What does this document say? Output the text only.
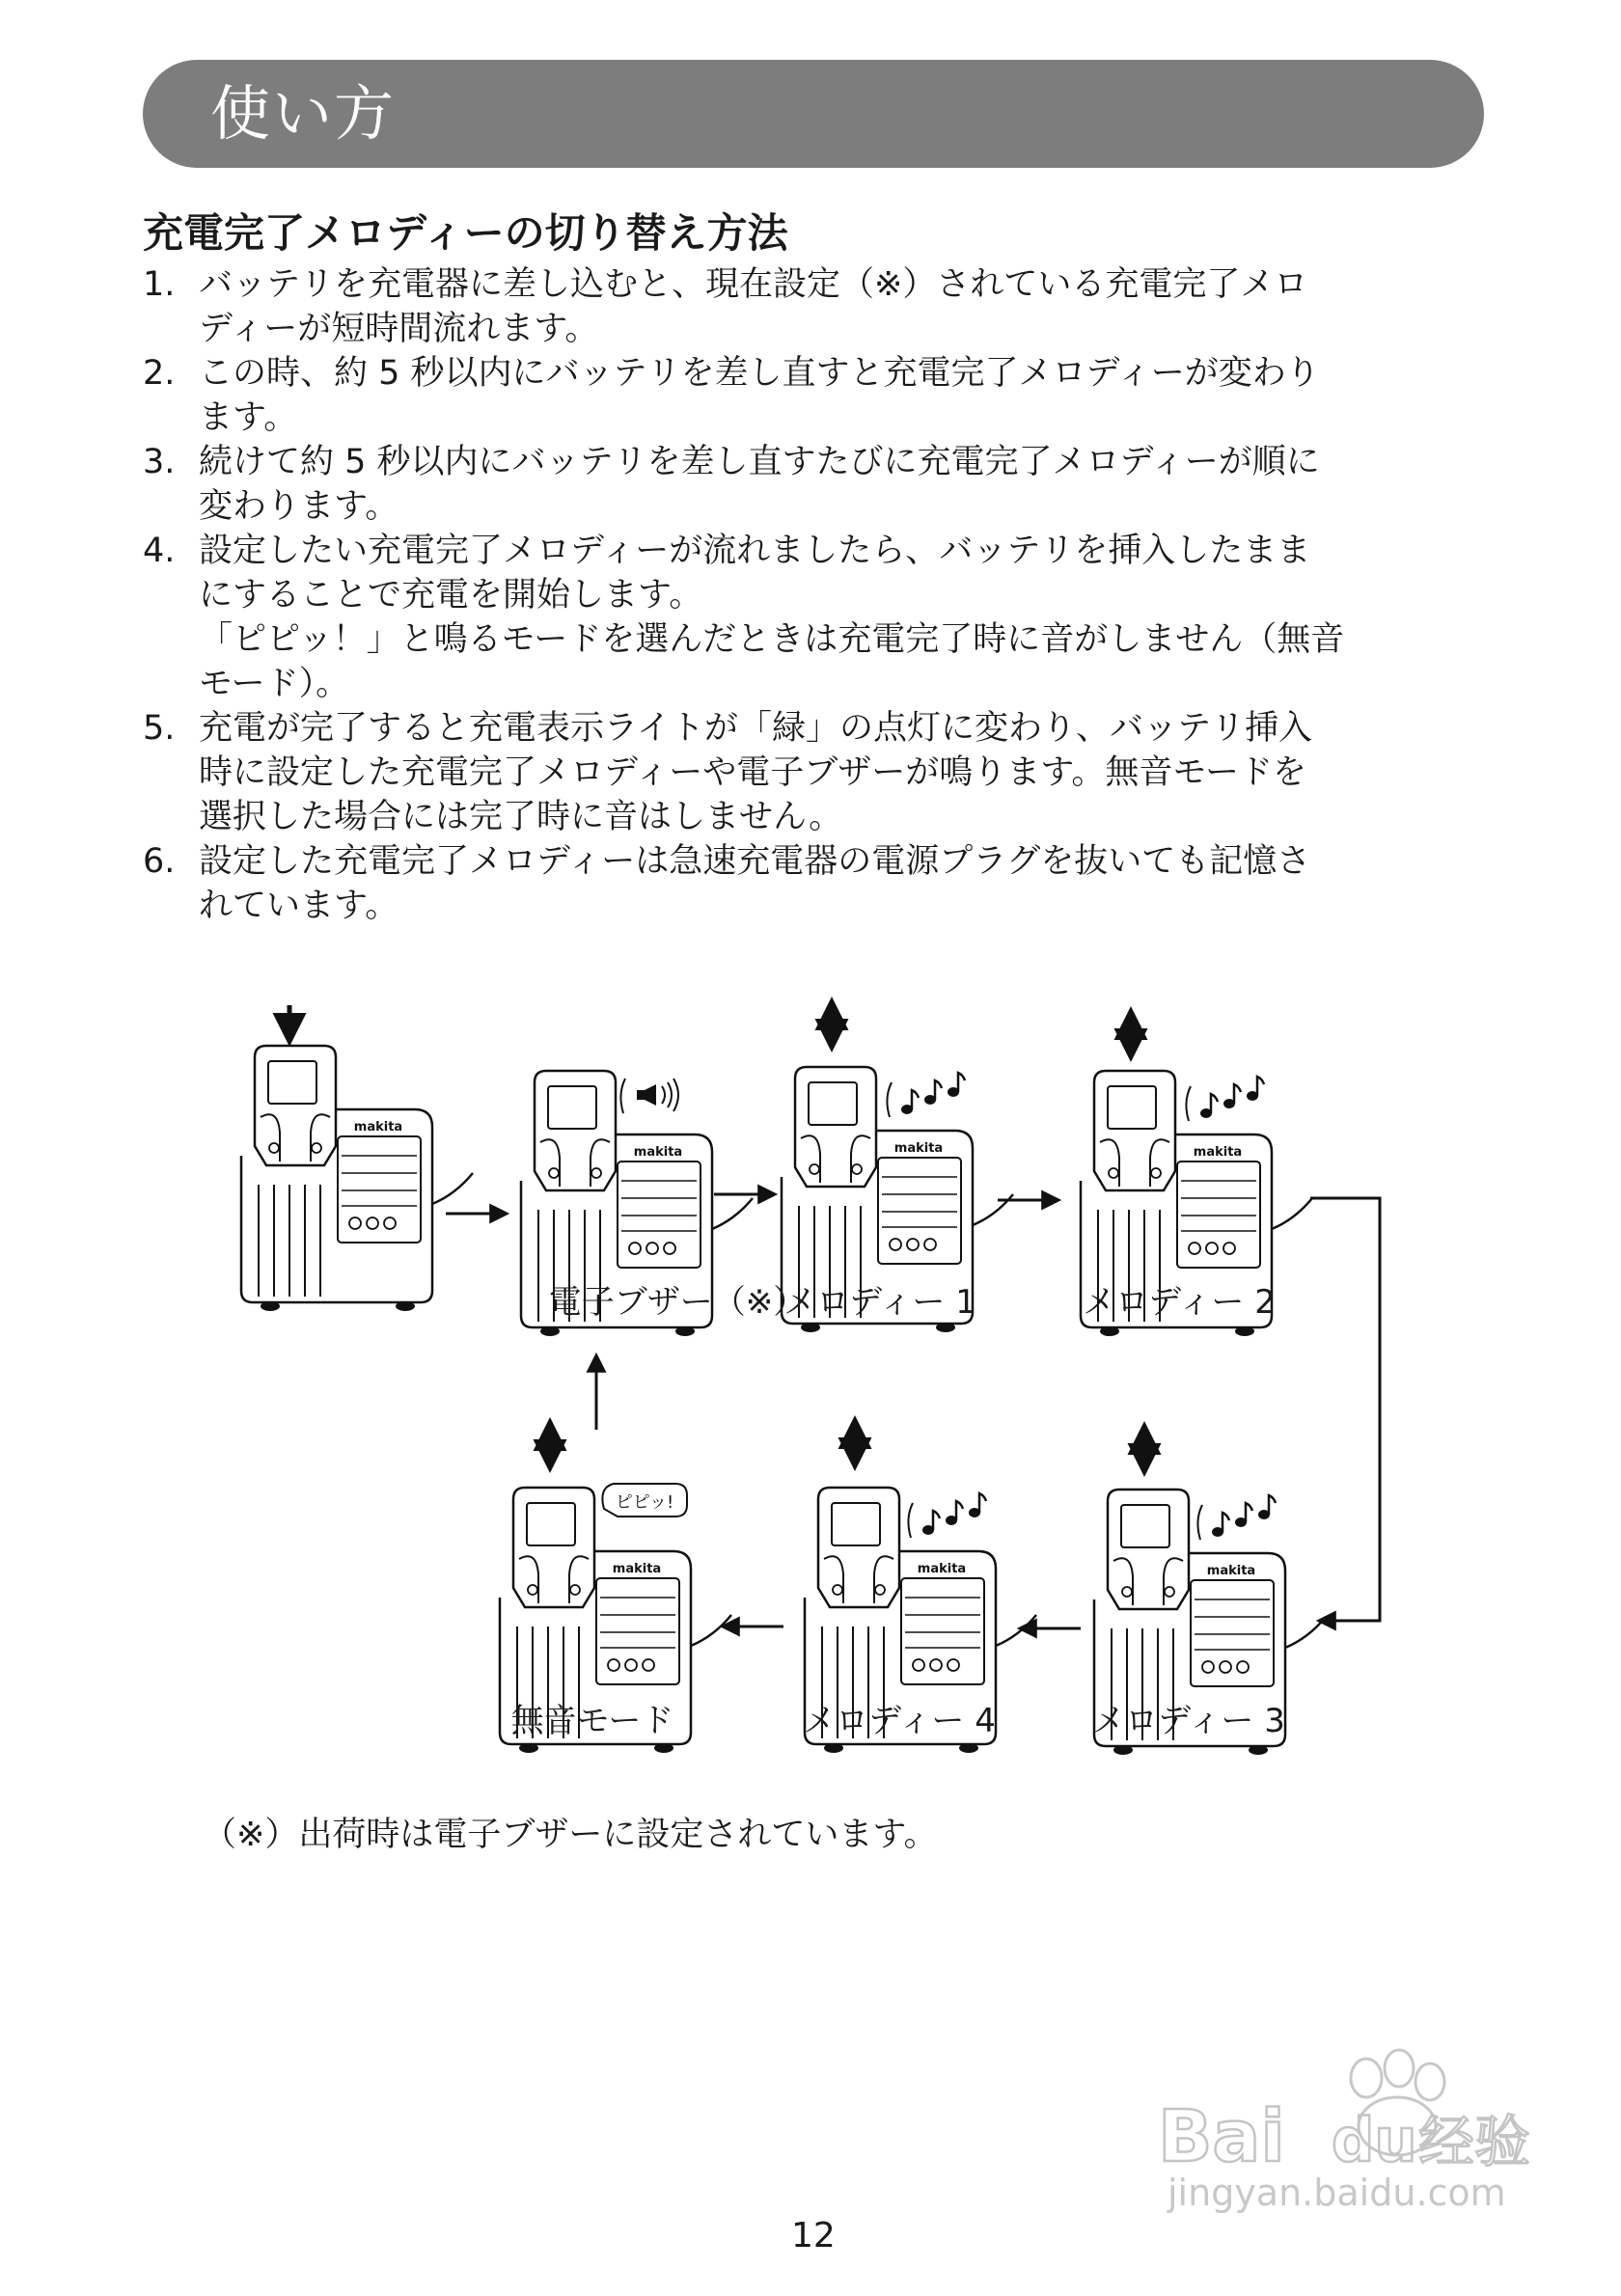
使い方
充電完了メロディーの切り替え方法
1. バッテリを充電器に差し込むと、現在設定（※）されている充電完了メロ
ディーが短時間流れます。
2. この時、約 5 秒以内にバッテリを差し直すと充電完了メロディーが変わり
ます。
3. 続けて約 5 秒以内にバッテリを差し直すたびに充電完了メロディーが順に
変わります。
4. 設定したい充電完了メロディーが流れましたら、バッテリを挿入したまま
にすることで充電を開始します。
「ピピッ！」と鳴るモードを選んだときは充電完了時に音がしません（無音
モード）。
5. 充電が完了すると充電表示ライトが「緑」の点灯に変わり、バッテリ挿入
時に設定した充電完了メロディーや電子ブザーが鳴ります。無音モードを
選択した場合には完了時に音はしません。
6. 設定した充電完了メロディーは急速充電器の電源プラグを抜いても記憶さ
れています。
makita
ピピッ!
電子ブザー（※）
メロディー 1	メロディー 2
メロディー 3
メロディー 4
無音モード
（※）出荷時は電子ブザーに設定されています。
Bai du 经验
jingyan.baidu.com
12
